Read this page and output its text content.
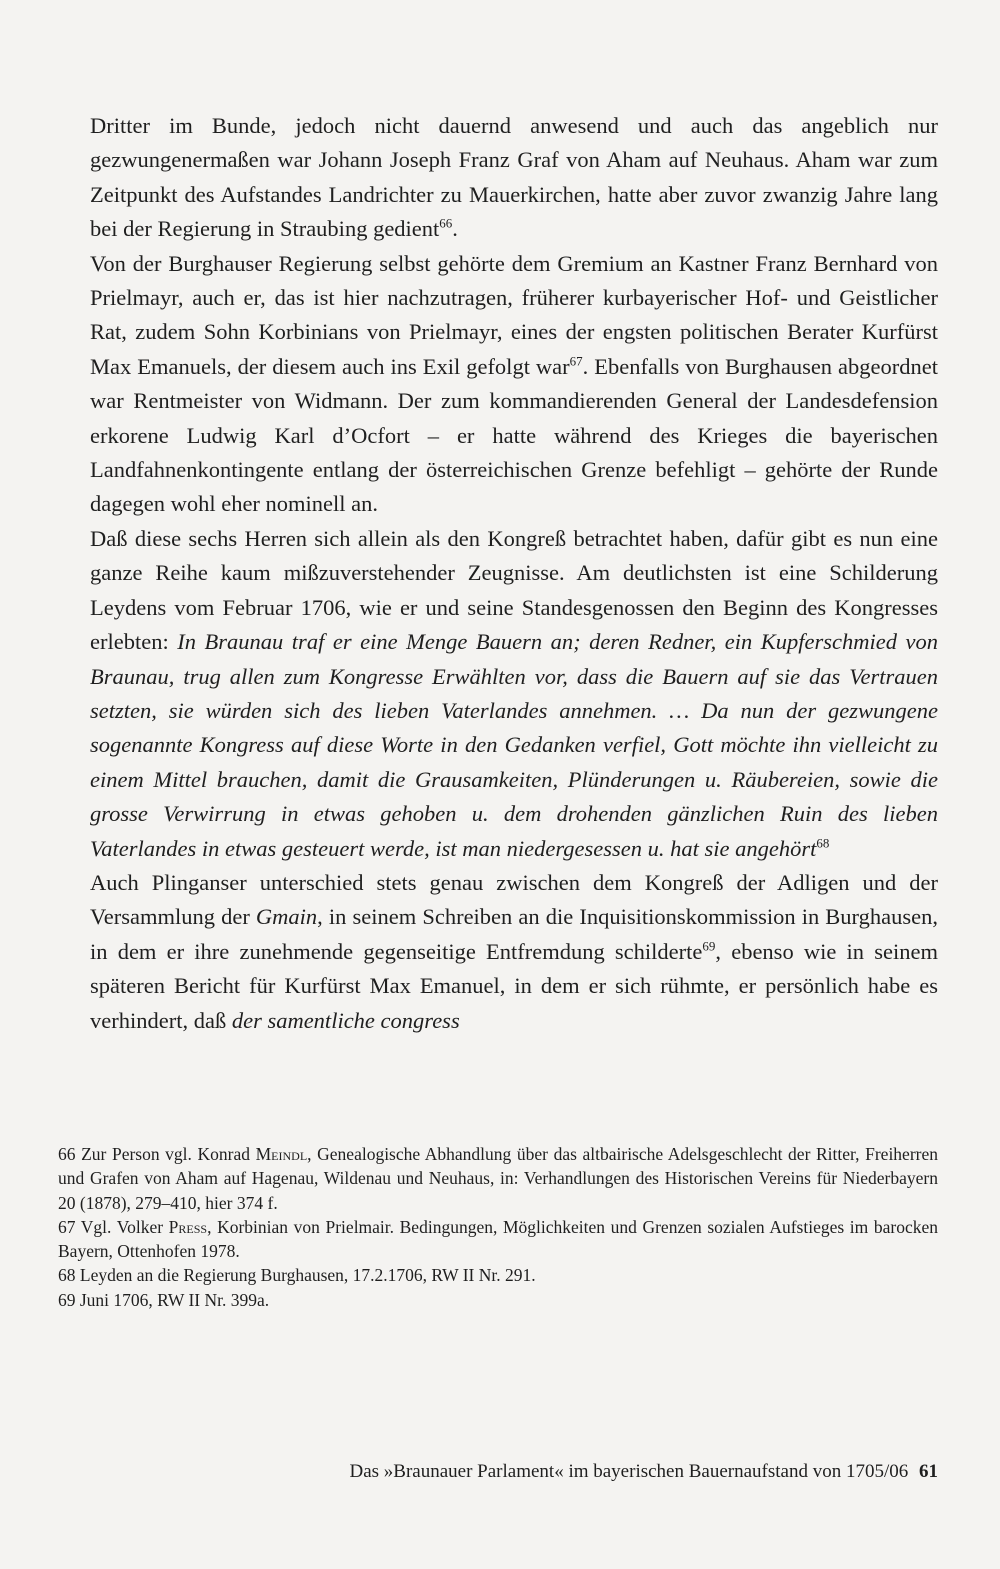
Dritter im Bunde, jedoch nicht dauernd anwesend und auch das angeblich nur gezwungenermaßen war Johann Joseph Franz Graf von Aham auf Neuhaus. Aham war zum Zeitpunkt des Aufstandes Landrichter zu Mauerkirchen, hatte aber zuvor zwanzig Jahre lang bei der Regierung in Straubing gedient$^{66}$.

Von der Burghauser Regierung selbst gehörte dem Gremium an Kastner Franz Bernhard von Prielmayr, auch er, das ist hier nachzutragen, früherer kurbayerischer Hof- und Geistlicher Rat, zudem Sohn Korbinians von Prielmayr, eines der engsten politischen Berater Kurfürst Max Emanuels, der diesem auch ins Exil gefolgt war$^{67}$. Ebenfalls von Burghausen abgeordnet war Rentmeister von Widmann. Der zum kommandierenden General der Landesdefension erkorene Ludwig Karl d’Ocfort – er hatte während des Krieges die bayerischen Landfahnenkontingente entlang der österreichischen Grenze befehligt – gehörte der Runde dagegen wohl eher nominell an.

Daß diese sechs Herren sich allein als den Kongreß betrachtet haben, dafür gibt es nun eine ganze Reihe kaum mißzuverstehender Zeugnisse. Am deutlichsten ist eine Schilderung Leydens vom Februar 1706, wie er und seine Standesgenossen den Beginn des Kongresses erlebten: In Braunau traf er eine Menge Bauern an; deren Redner, ein Kupferschmied von Braunau, trug allen zum Kongresse Erwählten vor, dass die Bauern auf sie das Vertrauen setzten, sie würden sich des lieben Vaterlandes annehmen. … Da nun der gezwungene sogenannte Kongress auf diese Worte in den Gedanken verfiel, Gott möchte ihn vielleicht zu einem Mittel brauchen, damit die Grausamkeiten, Plünderungen u. Räubereien, sowie die grosse Verwirrung in etwas gehoben u. dem drohenden gänzlichen Ruin des lieben Vaterlandes in etwas gesteuert werde, ist man niedergesessen u. hat sie angehört$^{68}$

Auch Plinganser unterschied stets genau zwischen dem Kongreß der Adligen und der Versammlung der Gmain, in seinem Schreiben an die Inquisitionskommission in Burghausen, in dem er ihre zunehmende gegenseitige Entfremdung schilderte$^{69}$, ebenso wie in seinem späteren Bericht für Kurfürst Max Emanuel, in dem er sich rühmte, er persönlich habe es verhindert, daß der samentliche congress

66 Zur Person vgl. Konrad Meindl, Genealogische Abhandlung über das altbairische Adelsgeschlecht der Ritter, Freiherren und Grafen von Aham auf Hagenau, Wildenau und Neuhaus, in: Verhandlungen des Historischen Vereins für Niederbayern 20 (1878), 279–410, hier 374 f.

67 Vgl. Volker Press, Korbinian von Prielmair. Bedingungen, Möglichkeiten und Grenzen sozialen Aufstieges im barocken Bayern, Ottenhofen 1978.

68 Leyden an die Regierung Burghausen, 17.2.1706, RW II Nr. 291.

69 Juni 1706, RW II Nr. 399a.

Das »Braunauer Parlament« im bayerischen Bauernaufstand von 1705/06 61
